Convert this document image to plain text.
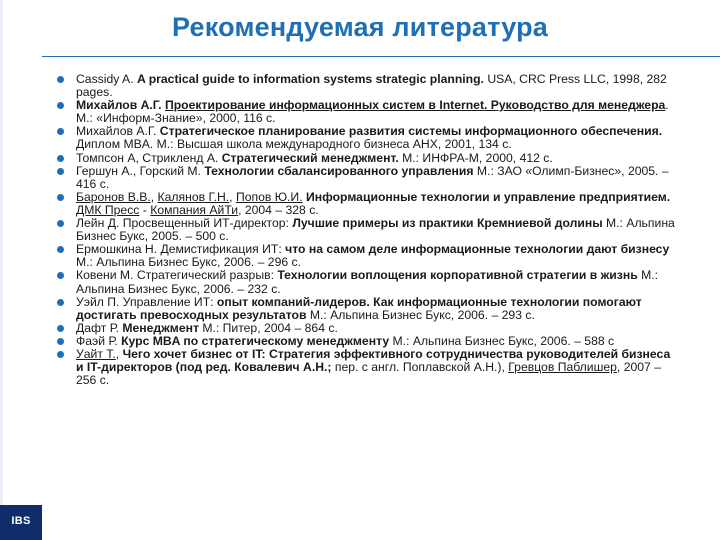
Рекомендуемая литература
Cassidy A. A practical guide to information systems strategic planning. USA, CRC Press LLC, 1998, 282 pages.
Михайлов А.Г. Проектирование информационных систем в Internet. Руководство для менеджера. М.: «Информ-Знание», 2000, 116 с.
Михайлов А.Г. Стратегическое планирование развития системы информационного обеспечения. Диплом MBA. М.: Высшая школа международного бизнеса АНХ, 2001, 134 с.
Томпсон А, Стрикленд А. Стратегический менеджмент. М.: ИНФРА-М, 2000, 412 с.
Гершун А., Горский М. Технологии сбалансированного управления М.: ЗАО «Олимп-Бизнес», 2005. – 416 с.
Баронов В.В., Калянов Г.Н., Попов Ю.И. Информационные технологии и управление предприятием. ДМК Пресс - Компания АйТи, 2004 – 328 с.
Лейн Д. Просвещенный ИТ-директор: Лучшие примеры из практики Кремниевой долины М.: Альпина Бизнес Букс, 2005. – 500 с.
Ермошкина Н. Демистификация ИТ: что на самом деле информационные технологии дают бизнесу М.: Альпина Бизнес Букс, 2006. – 296 с.
Ковени М. Стратегический разрыв: Технологии воплощения корпоративной стратегии в жизнь М.: Альпина Бизнес Букс, 2006. – 232 с.
Уэйл П. Управление ИТ: опыт компаний-лидеров. Как информационные технологии помогают достигать превосходных результатов М.: Альпина Бизнес Букс, 2006. – 293 с.
Дафт Р. Менеджмент М.: Питер, 2004 – 864 с.
Фаэй Р. Курс MBA по стратегическому менеджменту М.: Альпина Бизнес Букс, 2006. – 588 с
Уайт Т., Чего хочет бизнес от IT: Стратегия эффективного сотрудничества руководителей бизнеса и IT-директоров (под ред. Ковалевич А.Н.; пер. с англ. Поплавской А.Н.), Гревцов Паблишер, 2007 – 256 с.
IBS
